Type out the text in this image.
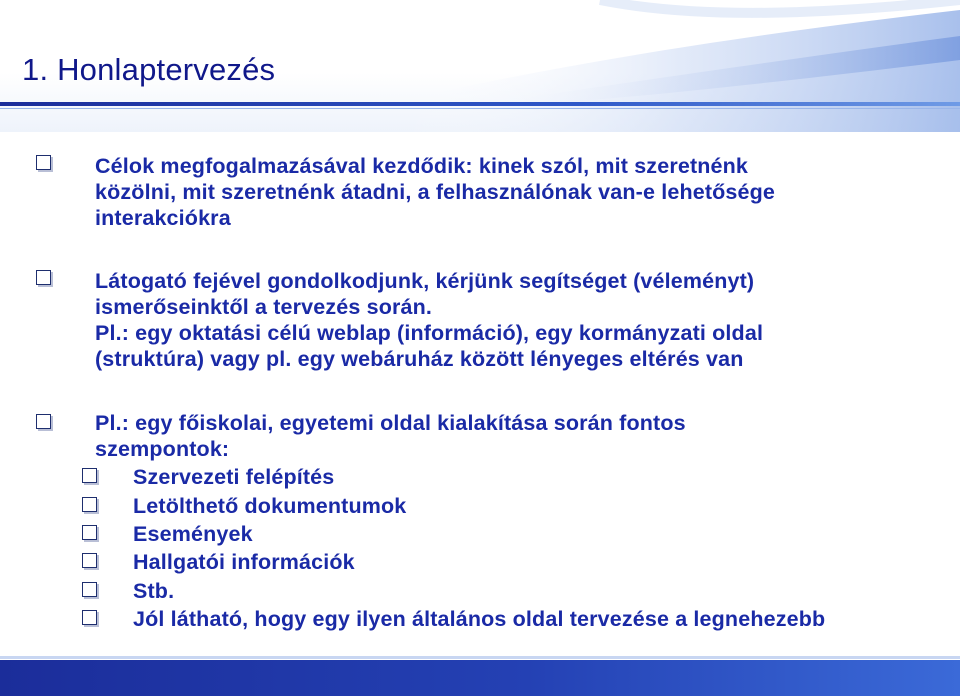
1. Honlaptervezés
Célok megfogalmazásával kezdődik: kinek szól, mit szeretnénk
közölni, mit szeretnénk átadni, a felhasználónak van-e lehetősége
interakciókra
Látogató fejével gondolkodjunk, kérjünk segítséget (véleményt)
ismerőseinktől a tervezés során.
Pl.: egy oktatási célú weblap (információ), egy kormányzati oldal
(struktúra) vagy pl. egy webáruház között lényeges eltérés van
Pl.: egy főiskolai, egyetemi oldal kialakítása során fontos
szempontok:
Szervezeti felépítés
Letölthető dokumentumok
Események
Hallgatói információk
Stb.
Jól látható, hogy egy ilyen általános oldal tervezése a legnehezebb
